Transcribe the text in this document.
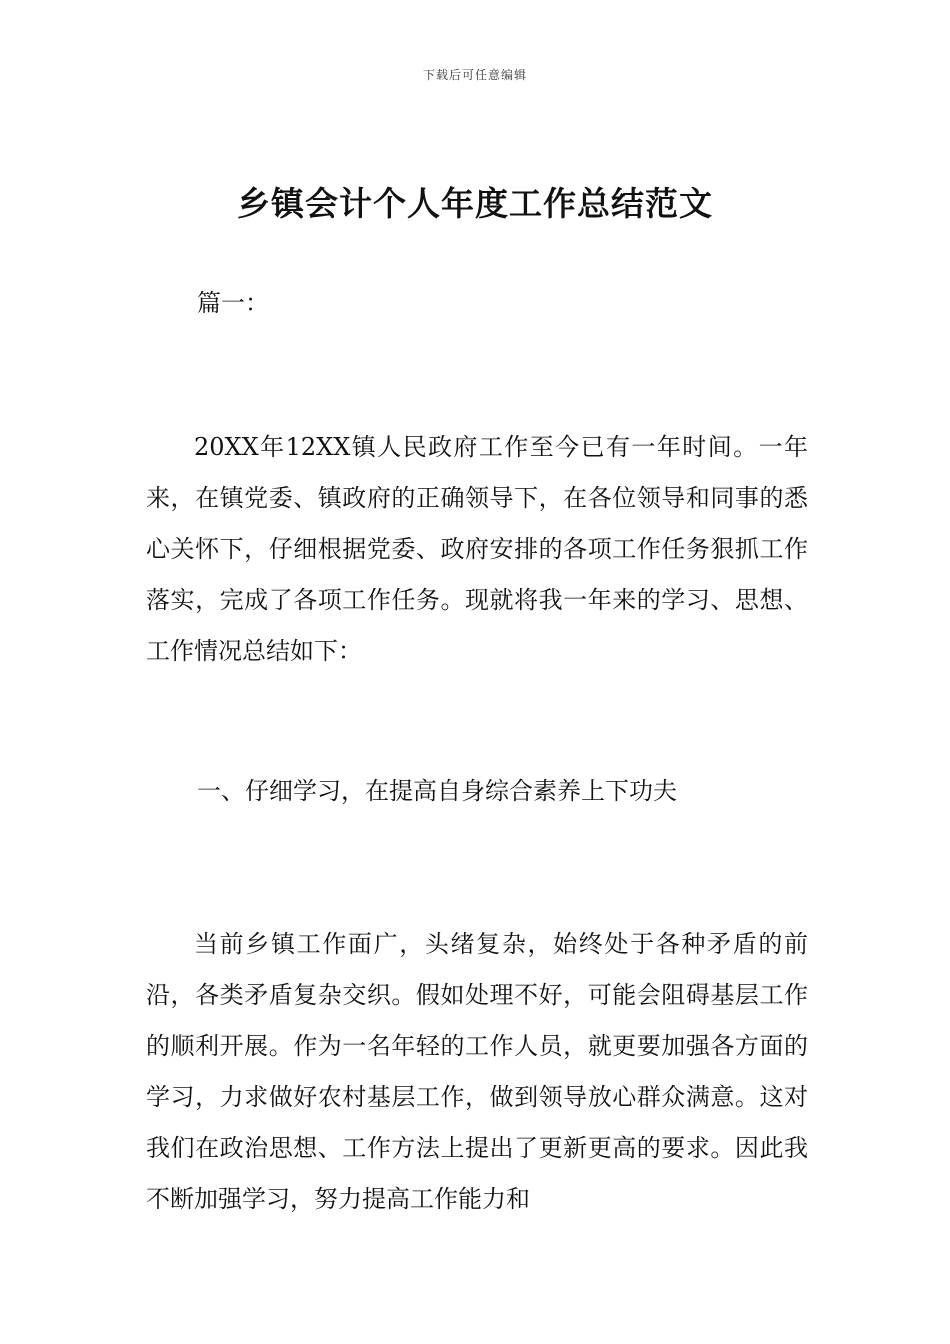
下载后可任意编辑
乡镇会计个人年度工作总结范文
篇一：

20XX年12XX镇人民政府工作至今已有一年时间。一年来，在镇党委、镇政府的正确领导下，在各位领导和同事的悉心关怀下，仔细根据党委、政府安排的各项工作任务狠抓工作落实，完成了各项工作任务。现就将我一年来的学习、思想、工作情况总结如下：

一、仔细学习，在提高自身综合素养上下功夫

当前乡镇工作面广，头绪复杂，始终处于各种矛盾的前沿，各类矛盾复杂交织。假如处理不好，可能会阻碍基层工作的顺利开展。作为一名年轻的工作人员，就更要加强各方面的学习，力求做好农村基层工作，做到领导放心群众满意。这对我们在政治思想、工作方法上提出了更新更高的要求。因此我不断加强学习，努力提高工作能力和
